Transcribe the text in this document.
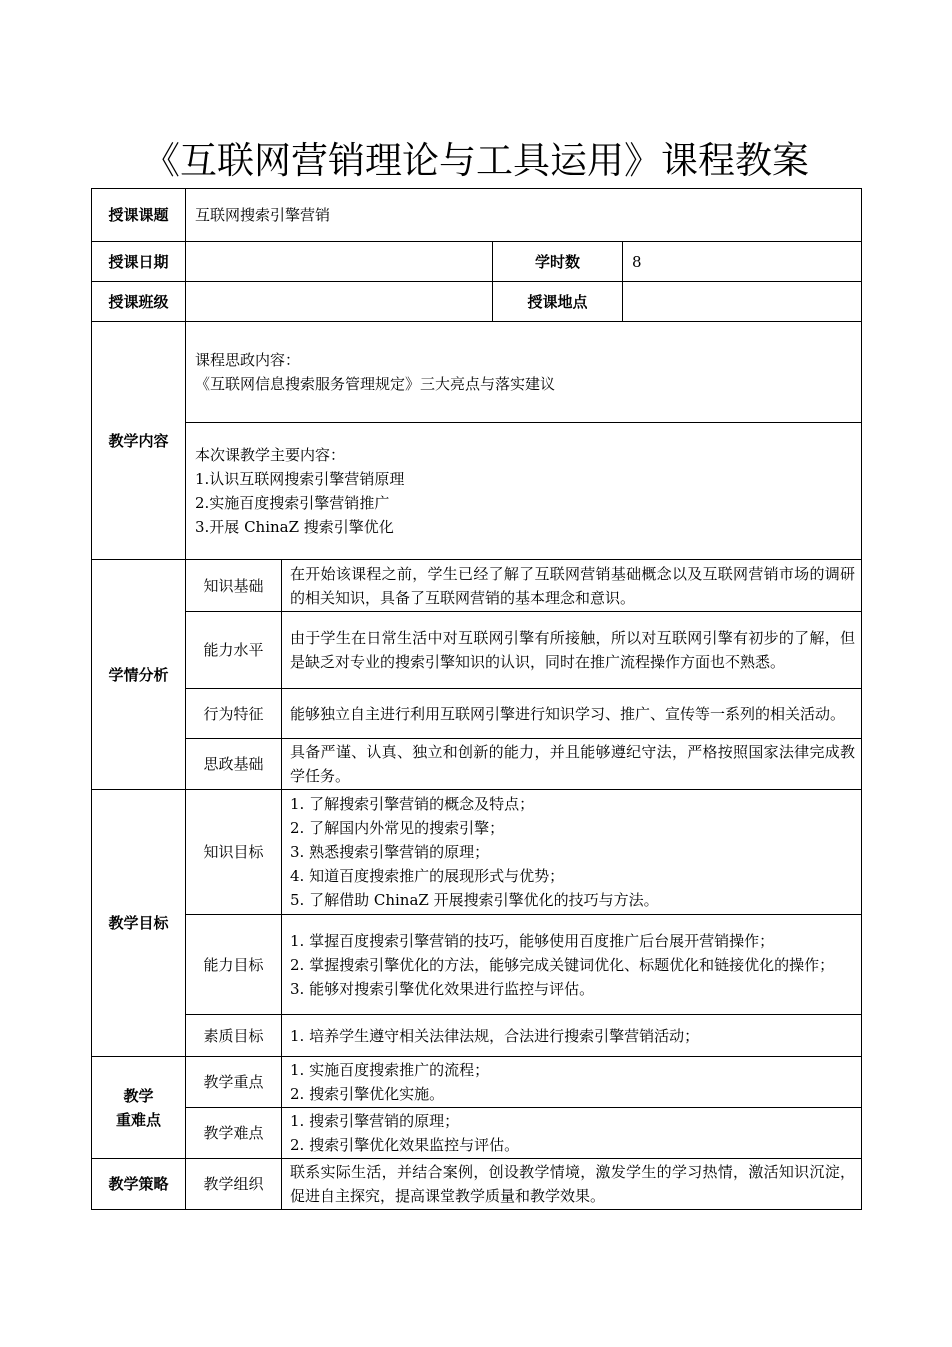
《互联网营销理论与工具运用》课程教案
授课课题	互联网搜索引擎营销			
授课日期			学时数	8
授课班级			授课地点	
教学内容	课程思政内容：
《互联网信息搜索服务管理规定》三大亮点与落实建议			

	本次课教学主要内容：
1.认识互联网搜索引擎营销原理
2.实施百度搜索引擎营销推广
3.开展 ChinaZ 搜索引擎优化			

学情分析	知识基础	在开始该课程之前，学生已经了解了互联网营销基础概念以及互联网营销市场的调研的相关知识，具备了互联网营销的基本理念和意识。		
	能力水平	由于学生在日常生活中对互联网引擎有所接触，所以对互联网引擎有初步的了解，但是缺乏对专业的搜索引擎知识的认识，同时在推广流程操作方面也不熟悉。		
	行为特征	能够独立自主进行利用互联网引擎进行知识学习、推广、宣传等一系列的相关活动。		
	思政基础	具备严谨、认真、独立和创新的能力，并且能够遵纪守法，严格按照国家法律完成教学任务。		
教学目标	知识目标	1. 了解搜索引擎营销的概念及特点；
2. 了解国内外常见的搜索引擎；
3. 熟悉搜索引擎营销的原理；
4. 知道百度搜索推广的展现形式与优势；
5. 了解借助 ChinaZ 开展搜索引擎优化的技巧与方法。		

	能力目标	1. 掌握百度搜索引擎营销的技巧，能够使用百度推广后台展开营销操作；
2. 掌握搜索引擎优化的方法，能够完成关键词优化、标题优化和链接优化的操作；
3. 能够对搜索引擎优化效果进行监控与评估。		

	素质目标	1. 培养学生遵守相关法律法规，合法进行搜索引擎营销活动；		

教学
重难点	教学重点	1. 实施百度搜索推广的流程；
2. 搜索引擎优化实施。		

	教学难点	1. 搜索引擎营销的原理；
2. 搜索引擎优化效果监控与评估。		

教学策略	教学组织	联系实际生活，并结合案例，创设教学情境，激发学生的学习热情，激活知识沉淀，促进自主探究，提高课堂教学质量和教学效果。		
